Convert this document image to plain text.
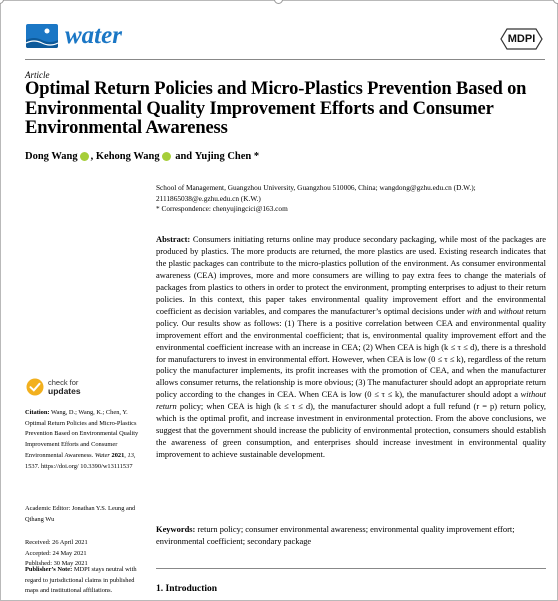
water	MDPI
Article
Optimal Return Policies and Micro-Plastics Prevention Based on Environmental Quality Improvement Efforts and Consumer Environmental Awareness
Dong Wang , Kehong Wang and Yujing Chen *
School of Management, Guangzhou University, Guangzhou 510006, China; wangdong@gzhu.edu.cn (D.W.);
2111865038@e.gzhu.edu.cn (K.W.)
* Correspondence: chenyujingcici@163.com
Abstract: Consumers initiating returns online may produce secondary packaging, while most of the packages are produced by plastics. The more products are returned, the more plastics are used. Existing research indicates that the plastic packages can contribute to the micro-plastics pollution of the environment. As consumer environmental awareness (CEA) improves, more and more consumers are willing to pay extra fees to change the materials of packages from plastics to others in order to protect the environment, prompting enterprises to adjust to their return policies. In this context, this paper takes environmental quality improvement effort and the environmental coefficient as decision variables, and compares the manufacturer’s optimal decisions under with and without return policy. Our results show as follows: (1) There is a positive correlation between CEA and environmental quality improvement effort and the environmental coefficient; that is, environmental quality improvement effort and the environmental coefficient increase with an increase in CEA; (2) When CEA is high (k ≤ τ ≤ d), there is a threshold for manufacturers to invest in environmental effort. However, when CEA is low (0 ≤ τ ≤ k), regardless of the return policy the manufacturer implements, its profit increases with the promotion of CEA, and when the manufacturer allows consumer returns, the relationship is more obvious; (3) The manufacturer should adopt an appropriate return policy according to the changes in CEA. When CEA is low (0 ≤ τ ≤ k), the manufacturer should adopt a without return policy; when CEA is high (k ≤ τ ≤ d), the manufacturer should adopt a full refund (r = p) return policy, which is the optimal profit, and increase investment in environmental protection. From the above conclusions, we suggest that the government should increase the publicity of environmental protection, consumers should establish the awareness of green consumption, and enterprises should increase investment in environmental quality improvement to achieve sustainable development.
Keywords: return policy; consumer environmental awareness; environmental quality improvement effort; environmental coefficient; secondary package
1. Introduction
check for
updates
Citation: Wang, D.; Wang, K.; Chen, Y. Optimal Return Policies and Micro-Plastics Prevention Based on Environmental Quality Improvement Efforts and Consumer Environmental Awareness. Water 2021, 13, 1537. https://doi.org/ 10.3390/w13111537
Academic Editor: Jonathan Y.S. Leung and Qihang Wu
Received: 26 April 2021
Accepted: 24 May 2021
Published: 30 May 2021
Publisher’s Note: MDPI stays neutral with regard to jurisdictional claims in published maps and institutional affiliations.
